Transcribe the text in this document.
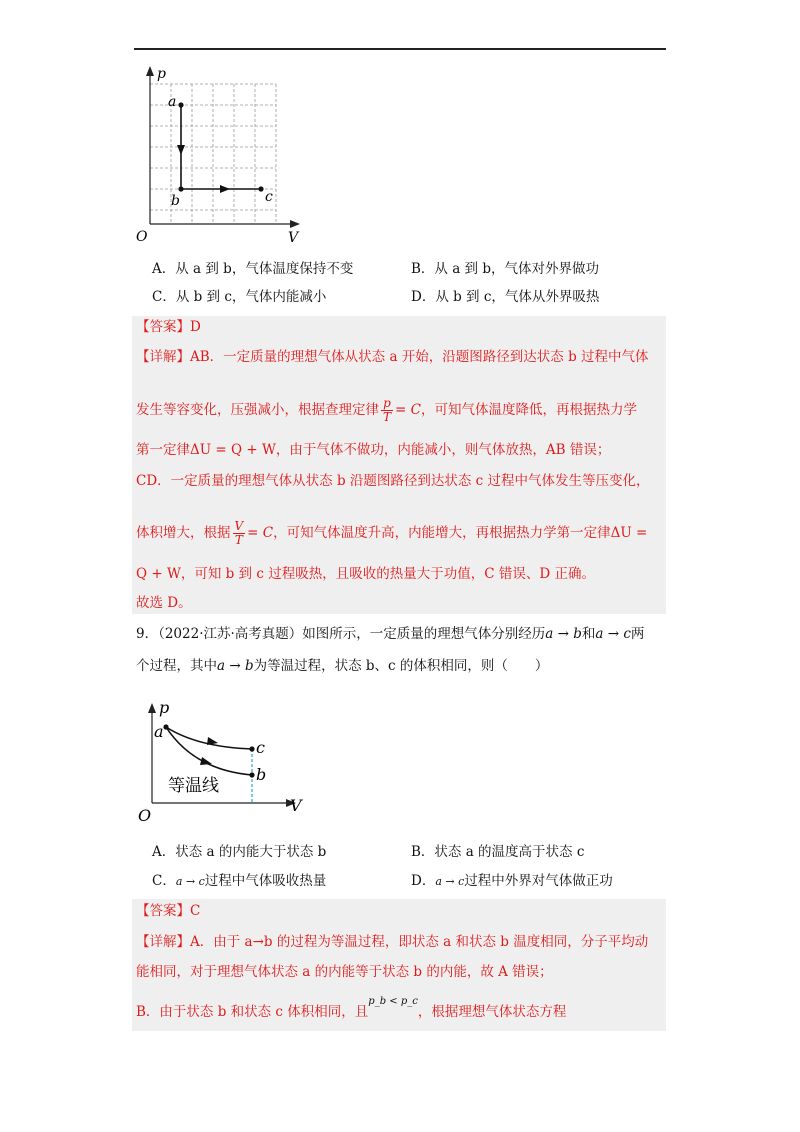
p
a
b	c
O	V
A．从 a 到 b，气体温度保持不变	B．从 a 到 b，气体对外界做功
C．从 b 到 c，气体内能减小	D．从 b 到 c，气体从外界吸热
【答案】D
【详解】AB．一定质量的理想气体从状态 a 开始，沿题图路径到达状态 b 过程中气体
发生等容变化，压强减小，根据查理定律 $\frac{p}{T} = C$，可知气体温度降低，再根据热力学
第一定律ΔU = Q + W，由于气体不做功，内能减小，则气体放热，AB 错误；
CD．一定质量的理想气体从状态 b 沿题图路径到达状态 c 过程中气体发生等压变化，
体积增大，根据 $\frac{V}{T} = C$，可知气体温度升高，内能增大，再根据热力学第一定律ΔU =
Q + W，可知 b 到 c 过程吸热，且吸收的热量大于功值，C 错误、D 正确。
故选 D。
9．（2022·江苏·高考真题）如图所示，一定质量的理想气体分别经历a → b和a → c两
个过程，其中a → b为等温过程，状态 b、c 的体积相同，则（　　）
p
a
c
b
等温线
O
V
A．状态 a 的内能大于状态 b	B．状态 a 的温度高于状态 c
C．a → c过程中气体吸收热量	D．a → c过程中外界对气体做正功
【答案】C
【详解】A．由于 a→b 的过程为等温过程，即状态 a 和状态 b 温度相同，分子平均动
能相同，对于理想气体状态 a 的内能等于状态 b 的内能，故 A 错误；
B．由于状态 b 和状态 c 体积相同，且$^{p\_b < p\_c}$，根据理想气体状态方程
